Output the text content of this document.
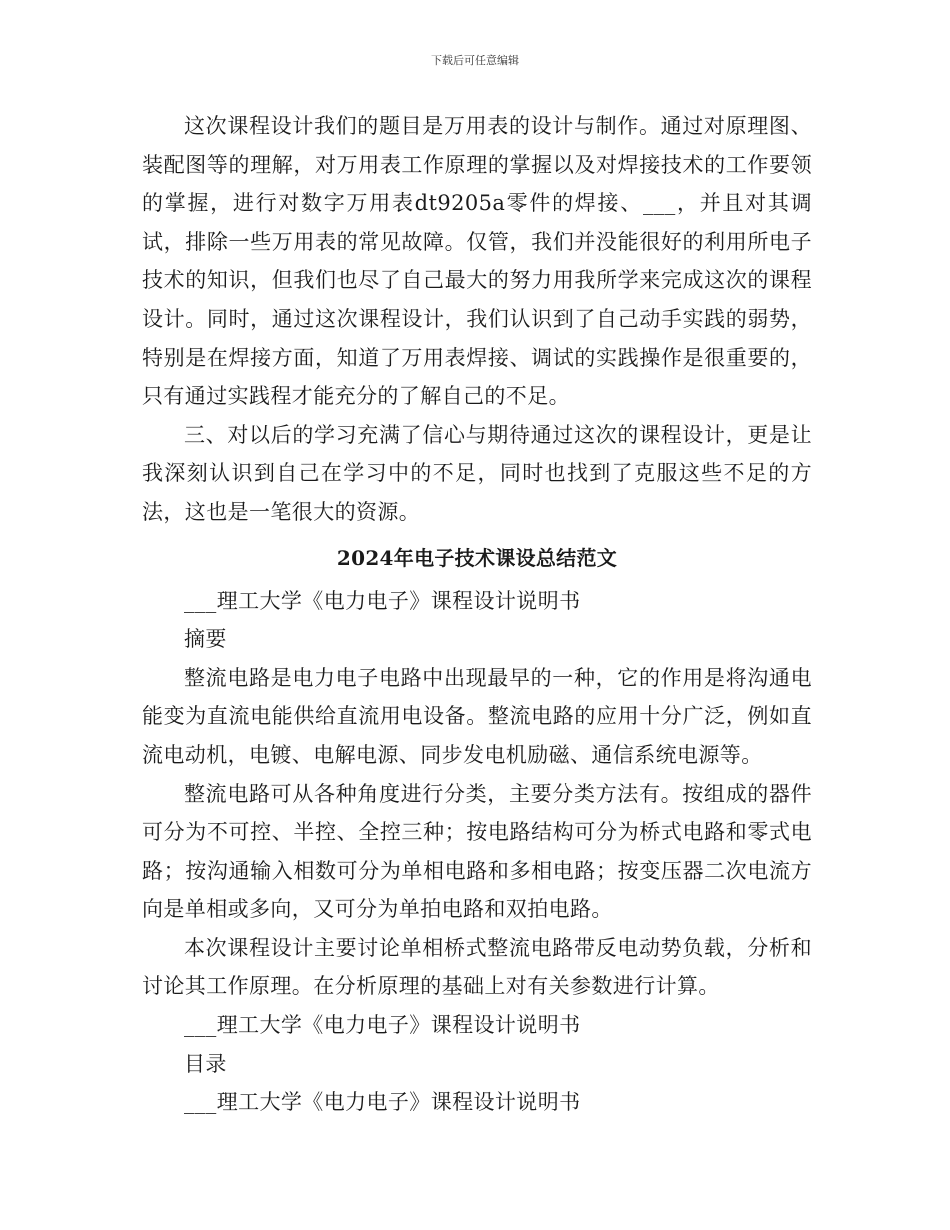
下载后可任意编辑

这次课程设计我们的题目是万用表的设计与制作。通过对原理图、装配图等的理解，对万用表工作原理的掌握以及对焊接技术的工作要领的掌握，进行对数字万用表dt9205a零件的焊接、___，并且对其调试，排除一些万用表的常见故障。仅管，我们并没能很好的利用所电子技术的知识，但我们也尽了自己最大的努力用我所学来完成这次的课程设计。同时，通过这次课程设计，我们认识到了自己动手实践的弱势，特别是在焊接方面，知道了万用表焊接、调试的实践操作是很重要的，只有通过实践程才能充分的了解自己的不足。

三、对以后的学习充满了信心与期待通过这次的课程设计，更是让我深刻认识到自己在学习中的不足，同时也找到了克服这些不足的方法，这也是一笔很大的资源。

2024年电子技术课设总结范文

___理工大学《电力电子》课程设计说明书

摘要

整流电路是电力电子电路中出现最早的一种，它的作用是将沟通电能变为直流电能供给直流用电设备。整流电路的应用十分广泛，例如直流电动机，电镀、电解电源、同步发电机励磁、通信系统电源等。

整流电路可从各种角度进行分类，主要分类方法有。按组成的器件可分为不可控、半控、全控三种；按电路结构可分为桥式电路和零式电路；按沟通输入相数可分为单相电路和多相电路；按变压器二次电流方向是单相或多向，又可分为单拍电路和双拍电路。

本次课程设计主要讨论单相桥式整流电路带反电动势负载，分析和讨论其工作原理。在分析原理的基础上对有关参数进行计算。

___理工大学《电力电子》课程设计说明书

目录

___理工大学《电力电子》课程设计说明书
